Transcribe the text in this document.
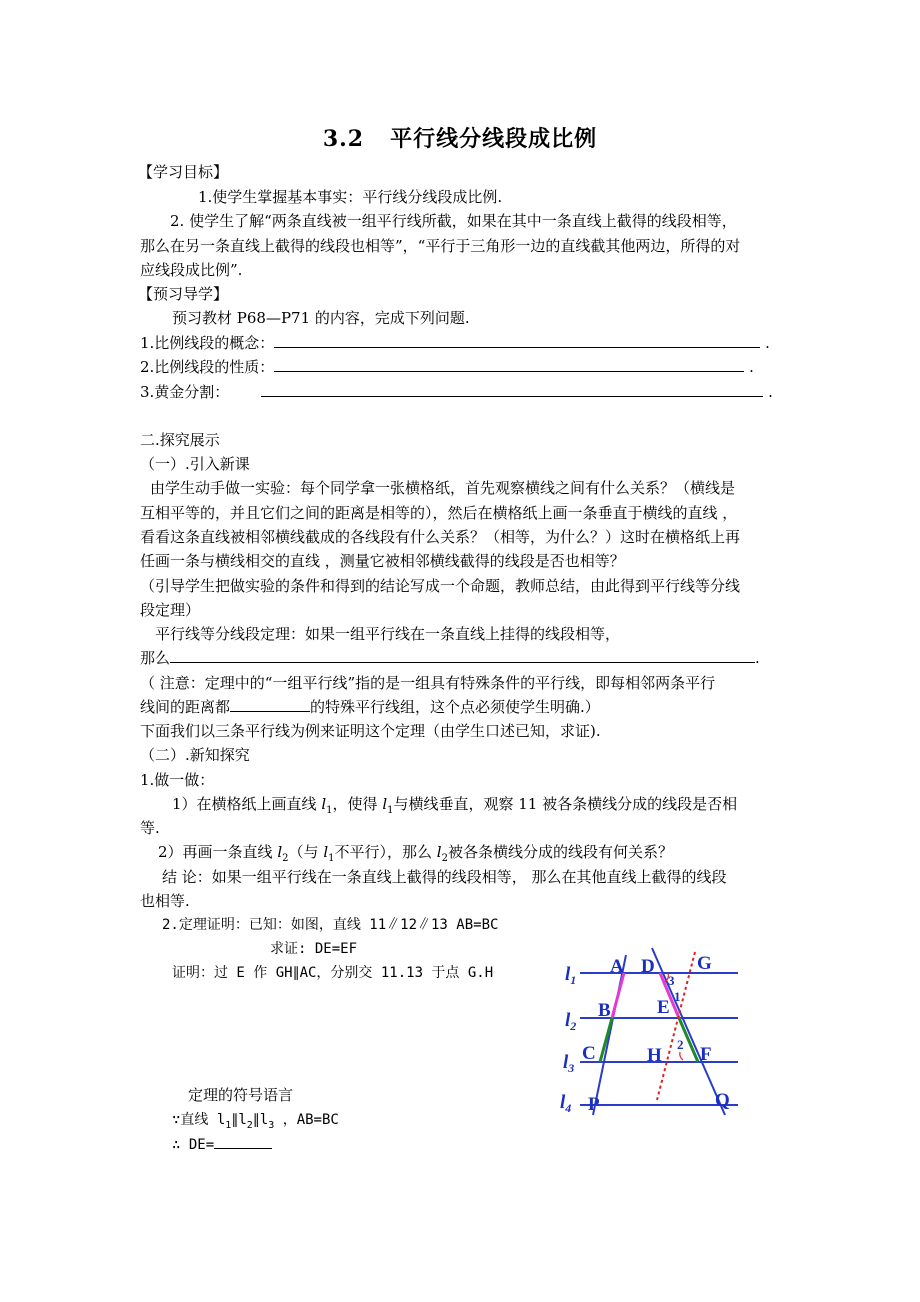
3.2 平行线分线段成比例
【学习目标】
1.使学生掌握基本事实：平行线分线段成比例.
2. 使学生了解“两条直线被一组平行线所截，如果在其中一条直线上截得的线段相等，
那么在另一条直线上截得的线段也相等”，“平行于三角形一边的直线截其他两边，所得的对
应线段成比例”.
【预习导学】
预习教材 P68—P71 的内容，完成下列问题.
1.比例线段的概念：	.
2.比例线段的性质：	.
3.黄金分割：	.
二.探究展示
（一）.引入新课
由学生动手做一实验：每个同学拿一张横格纸，首先观察横线之间有什么关系？（横线是
互相平等的，并且它们之间的距离是相等的），然后在横格纸上画一条垂直于横线的直线 ，
看看这条直线被相邻横线截成的各线段有什么关系？（相等，为什么？）这时在横格纸上再
任画一条与横线相交的直线 ，测量它被相邻横线截得的线段是否也相等？
（引导学生把做实验的条件和得到的结论写成一个命题，教师总结，由此得到平行线等分线
段定理）
平行线等分线段定理：如果一组平行线在一条直线上挂得的线段相等，
那么	.
（ 注意：定理中的“一组平行线”指的是一组具有特殊条件的平行线，即每相邻两条平行
线间的距离都	的特殊平行线组，这个点必须使学生明确.）
下面我们以三条平行线为例来证明这个定理（由学生口述已知，求证).
（二）.新知探究
1.做一做：
1）在横格纸上画直线 $l_1$，使得 $l_1$与横线垂直，观察 11 被各条横线分成的线段是否相
等.
2）再画一条直线 $l_2$（与 $l_1$不平行），那么 $l_2$被各条横线分成的线段有何关系？
结 论：如果一组平行线在一条直线上截得的线段相等， 那么在其他直线上截得的线段
也相等.
2.定理证明：已知：如图，直线 11∥12∥13 AB=BC
求证: DE=EF
证明：过 E 作 GH∥AC，分别交 11.13 于点 G.H
定理的符号语言
∵直线 $l_1\parallel l_2\parallel l_3$ ，AB=BC
∴ DE=
$l_1$
$l_2$
$l_3$
$l_4$
A
B
C
P
D
E
H F
G
Q
3
1
2
